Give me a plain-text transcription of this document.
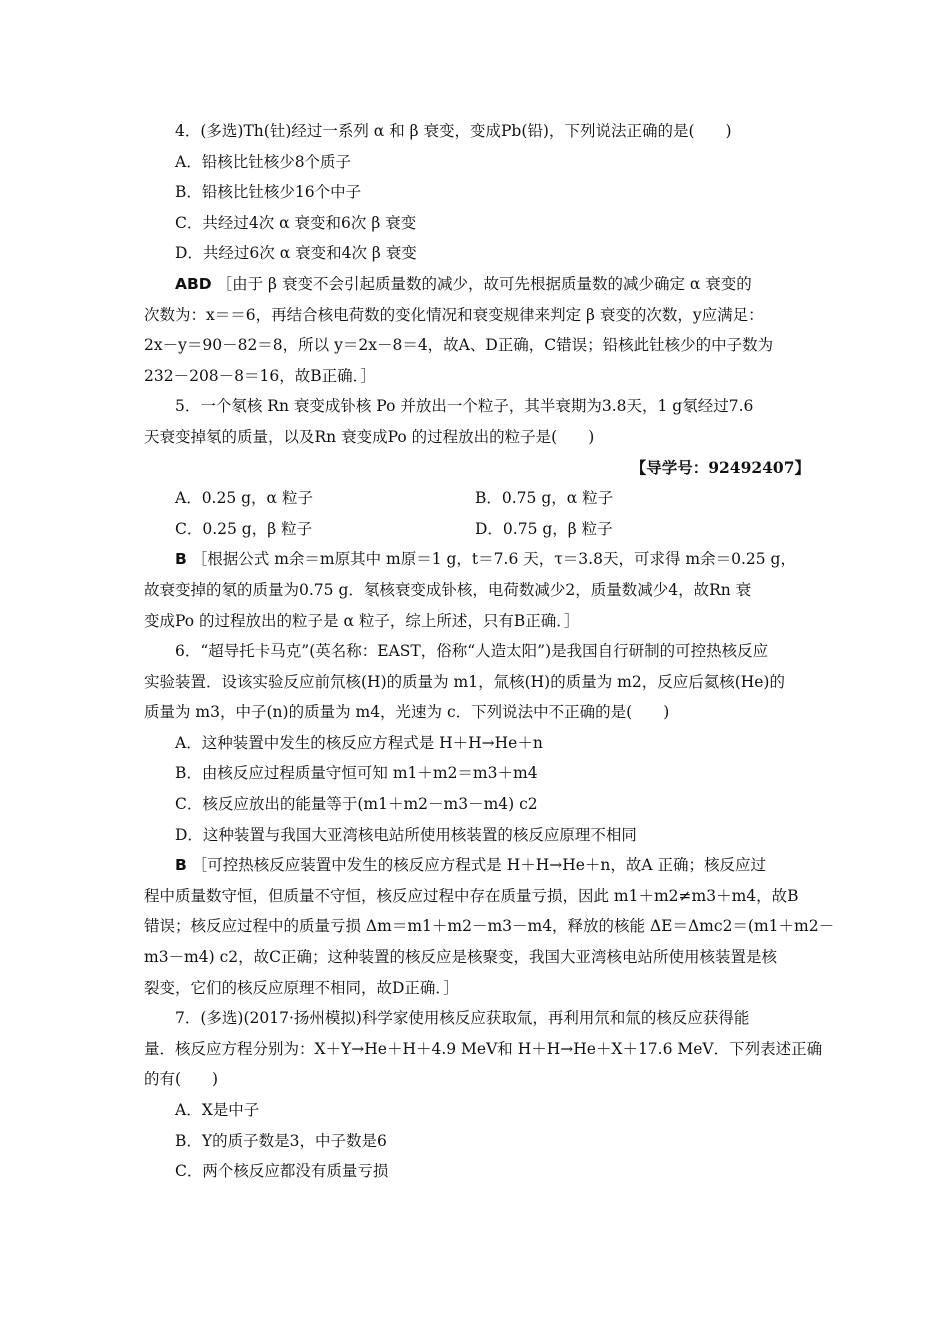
4．(多选)Th(钍)经过一系列 α 和 β 衰变，变成Pb(铅)，下列说法正确的是(　　)
A．铅核比钍核少8个质子
B．铅核比钍核少16个中子
C．共经过4次 α 衰变和6次 β 衰变
D．共经过6次 α 衰变和4次 β 衰变
ABD ［由于 β 衰变不会引起质量数的减少，故可先根据质量数的减少确定 α 衰变的
次数为：x＝＝6，再结合核电荷数的变化情况和衰变规律来判定 β 衰变的次数，y应满足：
2x－y＝90－82＝8，所以 y＝2x－8＝4，故A、D正确，C错误；铅核此钍核少的中子数为
232－208－8＝16，故B正确．］
5．一个氡核 Rn 衰变成钋核 Po 并放出一个粒子，其半衰期为3.8天，1 g氡经过7.6
天衰变掉氡的质量，以及Rn 衰变成Po 的过程放出的粒子是(　　)
【导学号：92492407】
A．0.25 g，α 粒子	B．0.75 g，α 粒子
C．0.25 g，β 粒子	D．0.75 g，β 粒子
B ［根据公式 m余＝m原其中 m原＝1 g，t＝7.6 天，τ＝3.8天，可求得 m余＝0.25 g，
故衰变掉的氡的质量为0.75 g．氡核衰变成钋核，电荷数减少2，质量数减少4，故Rn 衰
变成Po 的过程放出的粒子是 α 粒子，综上所述，只有B正确．］
6．“超导托卡马克”(英名称：EAST，俗称“人造太阳”)是我国自行研制的可控热核反应
实验装置．设该实验反应前氘核(H)的质量为 m1，氚核(H)的质量为 m2，反应后氦核(He)的
质量为 m3，中子(n)的质量为 m4，光速为 c．下列说法中不正确的是(　　)
A．这种装置中发生的核反应方程式是 H＋H→He＋n
B．由核反应过程质量守恒可知 m1＋m2＝m3＋m4
C．核反应放出的能量等于(m1＋m2－m3－m4) c2
D．这种装置与我国大亚湾核电站所使用核装置的核反应原理不相同
B ［可控热核反应装置中发生的核反应方程式是 H＋H→He＋n，故A 正确；核反应过
程中质量数守恒，但质量不守恒，核反应过程中存在质量亏损，因此 m1＋m2≠m3＋m4，故B
错误；核反应过程中的质量亏损 Δm＝m1＋m2－m3－m4，释放的核能 ΔE＝Δmc2＝(m1＋m2－
m3－m4) c2，故C正确；这种装置的核反应是核聚变，我国大亚湾核电站所使用核装置是核
裂变，它们的核反应原理不相同，故D正确．］
7．(多选)(2017·扬州模拟)科学家使用核反应获取氚，再利用氘和氚的核反应获得能
量．核反应方程分别为：X＋Y→He＋H＋4.9 MeV和 H＋H→He＋X＋17.6 MeV．下列表述正确
的有(　　)
A．X是中子
B．Y的质子数是3，中子数是6
C．两个核反应都没有质量亏损
